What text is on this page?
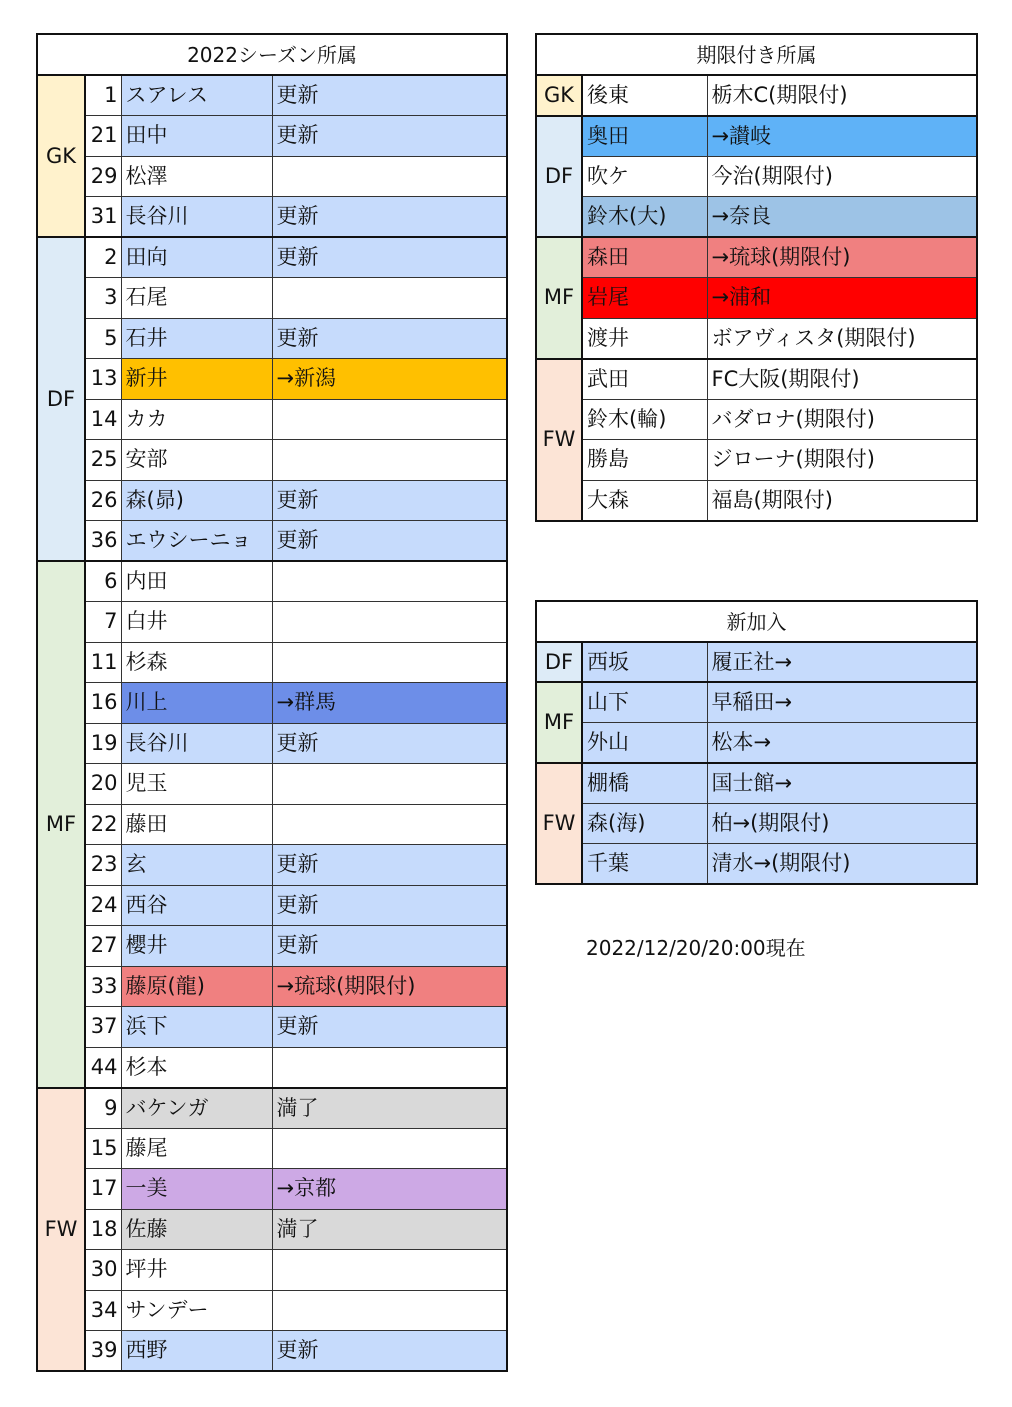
2022シーズン所属			
GK	1	スアレス	更新
	21	田中	更新
	29	松澤	
	31	長谷川	更新
DF	2	田向	更新
	3	石尾	
	5	石井	更新
	13	新井	→新潟
	14	カカ	
	25	安部	
	26	森(昴)	更新
	36	エウシーニョ	更新
MF	6	内田	
	7	白井	
	11	杉森	
	16	川上	→群馬
	19	長谷川	更新
	20	児玉	
	22	藤田	
	23	玄	更新
	24	西谷	更新
	27	櫻井	更新
	33	藤原(龍)	→琉球(期限付)
	37	浜下	更新
	44	杉本	
FW	9	バケンガ	満了
	15	藤尾	
	17	一美	→京都
	18	佐藤	満了
	30	坪井	
	34	サンデー	
	39	西野	更新
期限付き所属		
GK	後東	栃木C(期限付)
DF	奥田	→讃岐
	吹ケ	今治(期限付)
	鈴木(大)	→奈良
MF	森田	→琉球(期限付)
	岩尾	→浦和
	渡井	ボアヴィスタ(期限付)
FW	武田	FC大阪(期限付)
	鈴木(輪)	バダロナ(期限付)
	勝島	ジローナ(期限付)
	大森	福島(期限付)
新加入		
DF	西坂	履正社→
MF	山下	早稲田→
	外山	松本→
FW	棚橋	国士館→
	森(海)	柏→(期限付)
	千葉	清水→(期限付)
2022/12/20/20:00現在
